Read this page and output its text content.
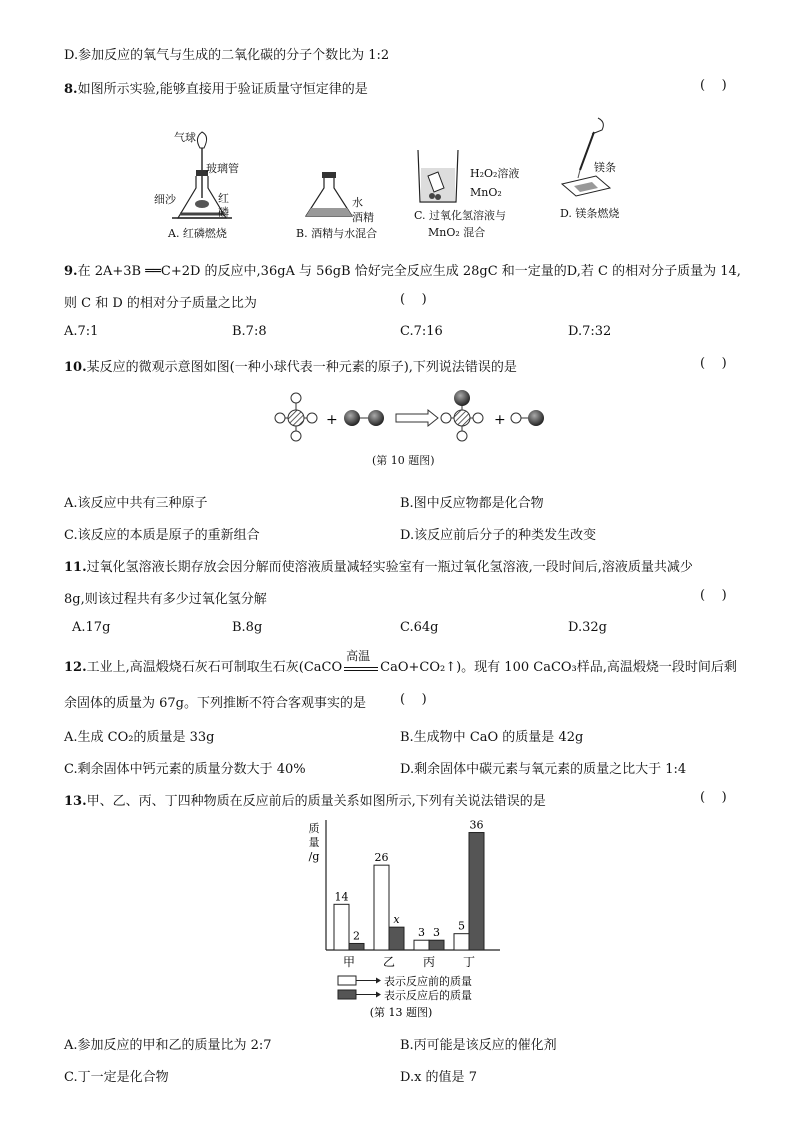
D.参加反应的氧气与生成的二氧化碳的分子个数比为 1:2
8.如图所示实验,能够直接用于验证质量守恒定律的是	(    )
气球
玻璃管
细沙	红
磷
A. 红磷燃烧
水
酒精
B. 酒精与水混合
H₂O₂溶液
MnO₂
C. 过氧化氢溶液与
MnO₂ 混合
镁条
D. 镁条燃烧
9.在 2A+3B ══C+2D 的反应中,36gA 与 56gB 恰好完全反应生成 28gC 和一定量的D,若 C 的相对分子质量为 14,
则 C 和 D 的相对分子质量之比为	(    )
A.7:1	B.7:8	C.7:16	D.7:32
10.某反应的微观示意图如图(一种小球代表一种元素的原子),下列说法错误的是	(    )
+	+
(第 10 题图)
A.该反应中共有三种原子	B.图中反应物都是化合物
C.该反应的本质是原子的重新组合	D.该反应前后分子的种类发生改变
11.过氧化氢溶液长期存放会因分解而使溶液质量减轻实验室有一瓶过氧化氢溶液,一段时间后,溶液质量共减少
8g,则该过程共有多少过氧化氢分解	(    )
A.17g	B.8g	C.64g	D.32g
12.工业上,高温煅烧石灰石可制取生石灰(CaCO
高温
CaO+CO₂↑)。现有 100 CaCO₃样品,高温煅烧一段时间后剩
余固体的质量为 67g。下列推断不符合客观事实的是	(    )
A.生成 CO₂的质量是 33g	B.生成物中 CaO 的质量是 42g
C.剩余固体中钙元素的质量分数大于 40%	D.剩余固体中碳元素与氧元素的质量之比大于 1:4
13.甲、乙、丙、丁四种物质在反应前后的质量关系如图所示,下列有关说法错误的是	(    )
质量/g
14
2
甲
26
x
乙
3 3
丙
5
36
丁
表示反应前的质量
表示反应后的质量
(第 13 题图)
A.参加反应的甲和乙的质量比为 2:7	B.丙可能是该反应的催化剂
C.丁一定是化合物	D.x 的值是 7
